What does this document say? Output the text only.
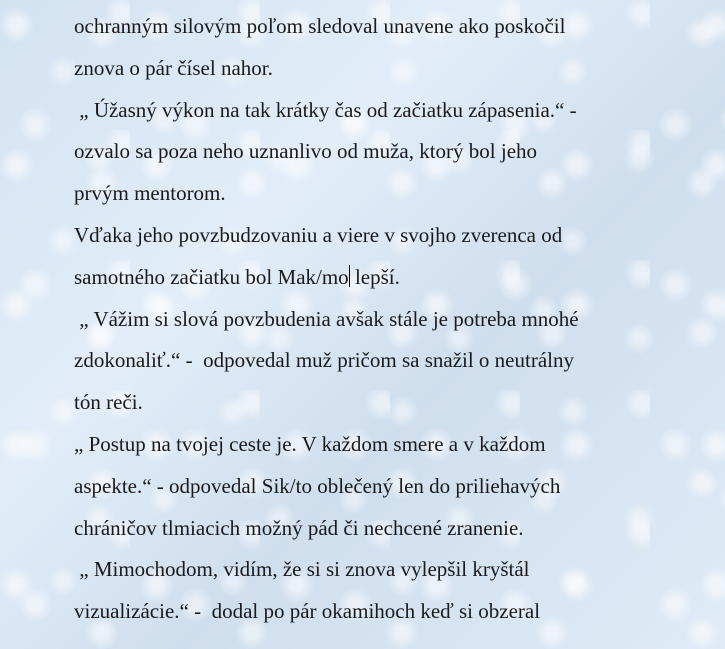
ochranným silovým poľom sledoval unavene ako poskočil

znova o pár čísel nahor.

„ Úžasný výkon na tak krátky čas od začiatku zápasenia.“ -

ozvalo sa poza neho uznanlivo od muža, ktorý bol jeho

prvým mentorom.

Vďaka jeho povzbudzovaniu a viere v svojho zverenca od

samotného začiatku bol Mak/mo lepší.

„ Vážim si slová povzbudenia avšak stále je potreba mnohé

zdokonaliť.“ -  odpovedal muž pričom sa snažil o neutrálny

tón reči.

„ Postup na tvojej ceste je. V každom smere a v každom

aspekte.“ - odpovedal Sik/to oblečený len do priliehavých

chráničov tlmiacich možný pád či nechcené zranenie.

„ Mimochodom, vidím, že si si znova vylepšil kryštál

vizualizácie.“ -  dodal po pár okamihoch keď si obzeral
